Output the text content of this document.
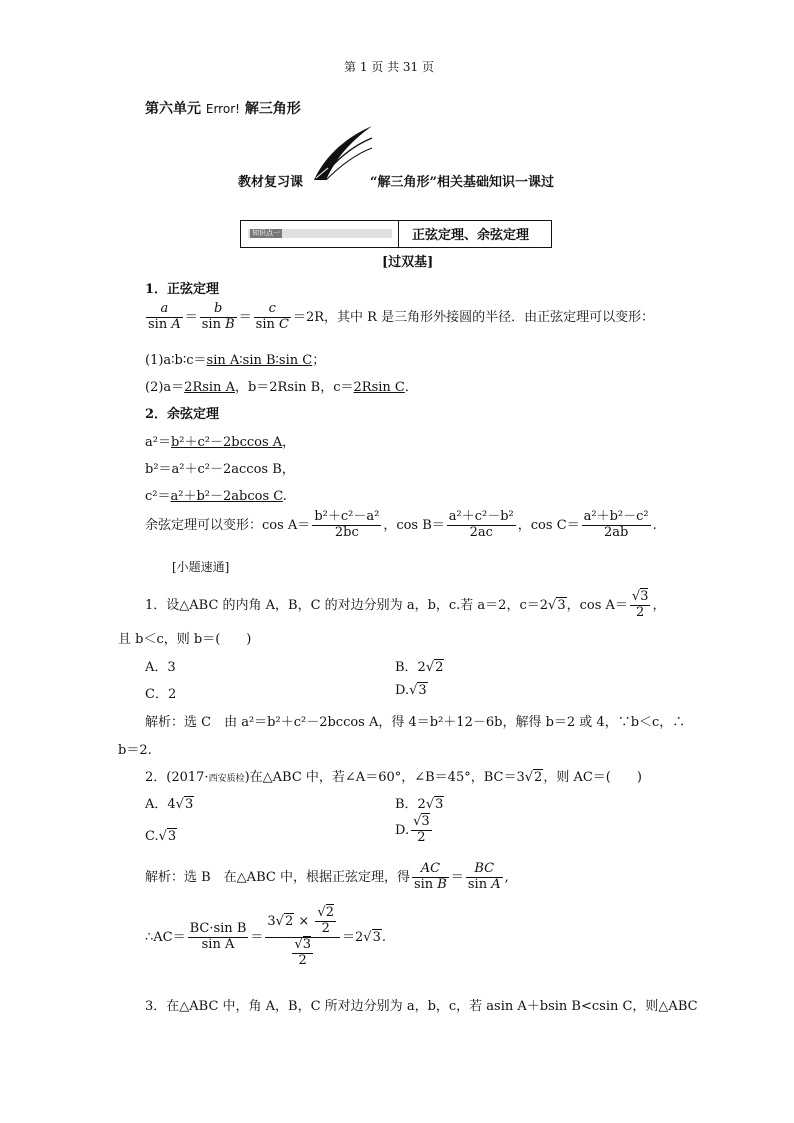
第 1 页 共 31 页
第六单元 Error! 解三角形
教材复习课	“解三角形”相关基础知识一课过
知识点一	正弦定理、余弦定理
[过双基]
1．正弦定理
$\frac{a}{\text{sin A}} = \frac{b}{\text{sin B}} = \frac{c}{\text{sin C}} =2R$，其中 R 是三角形外接圆的半径．由正弦定理可以变形：
(1)a∶b∶c＝sin A∶sin B∶sin C；
(2)a＝2Rsin A，b＝2Rsin B，c＝2Rsin C．
2．余弦定理
a²＝b²＋c²－2bccos A，
b²＝a²＋c²－2accos B，
c²＝a²＋b²－2abcos C.
余弦定理可以变形：$\cos A= \frac{\text{b²＋c²－a²}}{2bc}$ ，$\cos B= \frac{\text{a²＋c²－b²}}{2ac}$ ，$\cos C= \frac{\text{a²＋b²－c²}}{2ab}$ .
[小题速通]
1．设△ABC 的内角 A，B，C 的对边分别为 a，b，c.若 a＝2，c＝2√3，$\cos A= \frac{√3}{2}$ ，
且 b＜c，则 b＝(　　)
A．3	B．2√2
C．2	D.√3
解析：选 C　由 a²＝b²＋c²－2bccos A，得 4＝b²＋12－6b，解得 b＝2 或 4，∵b＜c，∴
b＝2.
2．(2017·西安质检)在△ABC 中，若∠A＝60°，∠B＝45°，BC＝3√2，则 AC＝(　　)
A．4√3	B．2√3
C.√3	D. $\frac{√3}{2}$
解析：选 B　在△ABC 中，根据正弦定理，得 $\frac{AC}{\text{sin B}} = \frac{BC}{\text{sin A}}$ ,
∴AC＝ $\frac{\text{BC·sin B}}{\text{sin A}} = \frac{3√2 \times \frac{√2}{2}}{\frac{√3}{2}} =2√3$.
3．在△ABC 中，角 A，B，C 所对边分别为 a，b，c，若 asin A＋bsin B<csin C，则△ABC
